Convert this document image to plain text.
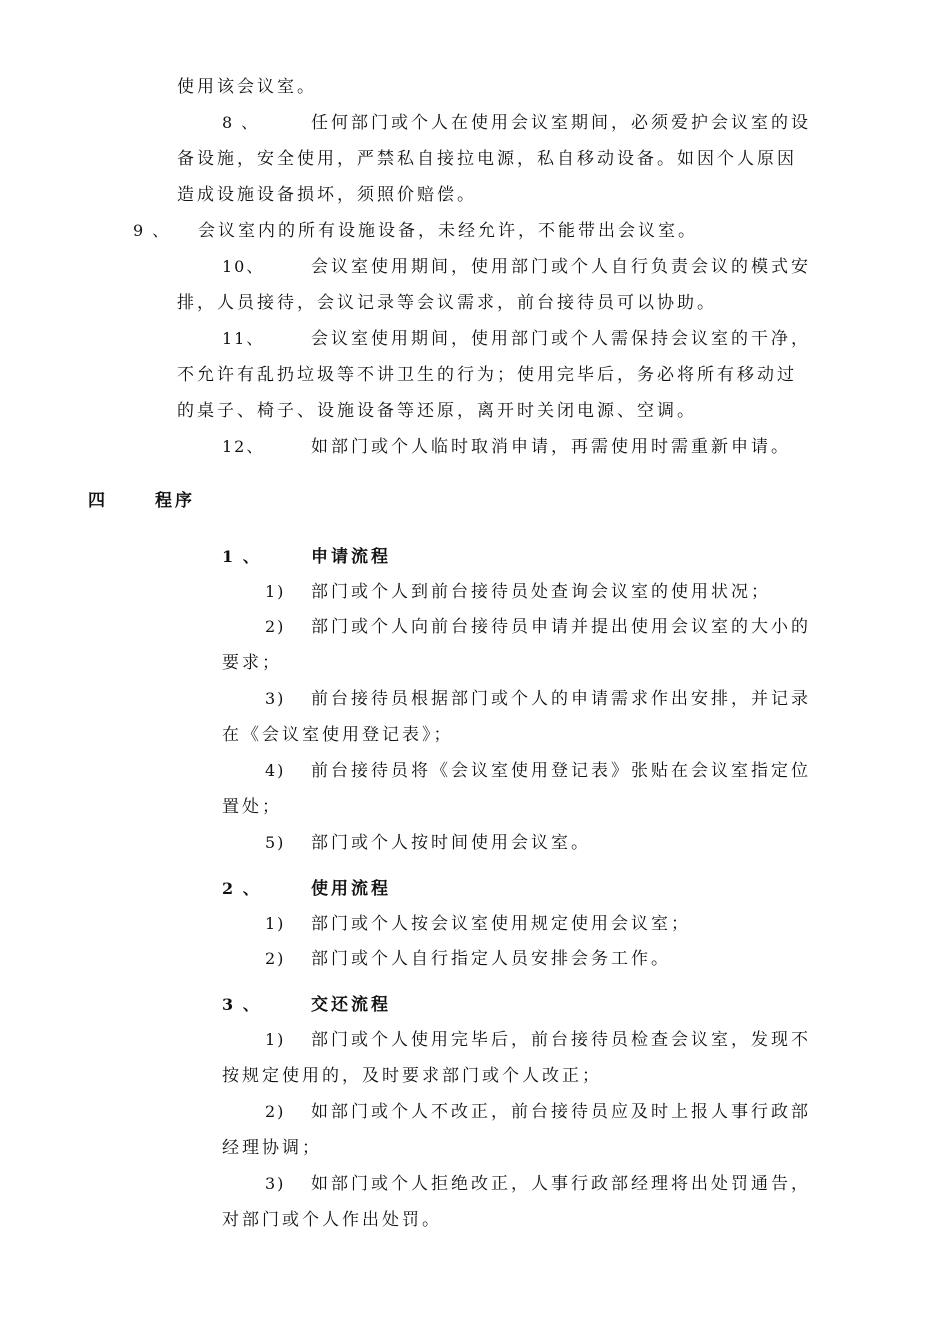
使用该会议室。
8 、	任何部门或个人在使用会议室期间，必须爱护会议室的设
备设施，安全使用，严禁私自接拉电源，私自移动设备。如因个人原因
造成设施设备损坏，须照价赔偿。
9 、 会议室内的所有设施设备，未经允许，不能带出会议室。
10、	会议室使用期间，使用部门或个人自行负责会议的模式安
排，人员接待，会议记录等会议需求，前台接待员可以协助。
11、	会议室使用期间，使用部门或个人需保持会议室的干净，
不允许有乱扔垃圾等不讲卫生的行为；使用完毕后，务必将所有移动过
的桌子、椅子、设施设备等还原，离开时关闭电源、空调。
12、	如部门或个人临时取消申请，再需使用时需重新申请。
四	程序
1 、	申请流程
1) 部门或个人到前台接待员处查询会议室的使用状况；
2) 部门或个人向前台接待员申请并提出使用会议室的大小的
要求；
3) 前台接待员根据部门或个人的申请需求作出安排，并记录
在《会议室使用登记表》；
4) 前台接待员将《会议室使用登记表》张贴在会议室指定位
置处；
5) 部门或个人按时间使用会议室。
2 、	使用流程
1) 部门或个人按会议室使用规定使用会议室；
2) 部门或个人自行指定人员安排会务工作。
3 、	交还流程
1) 部门或个人使用完毕后，前台接待员检查会议室，发现不
按规定使用的，及时要求部门或个人改正；
2) 如部门或个人不改正，前台接待员应及时上报人事行政部
经理协调；
3) 如部门或个人拒绝改正，人事行政部经理将出处罚通告，
对部门或个人作出处罚。
